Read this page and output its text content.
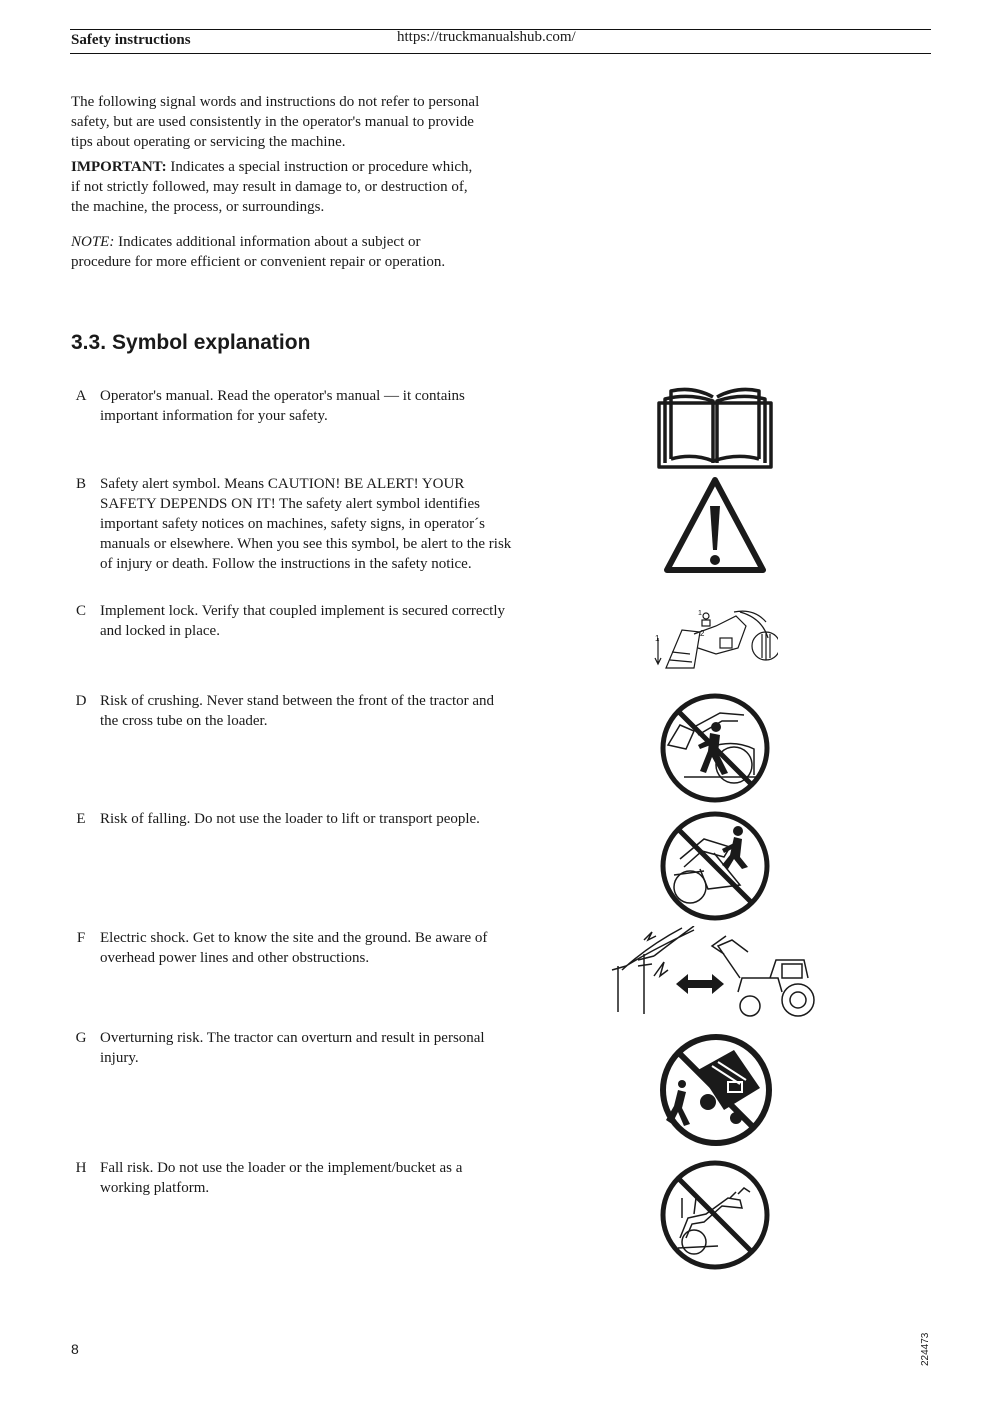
Safety instructions	https://truckmanualshub.com/

The following signal words and instructions do not refer to personal safety, but are used consistently in the operator's manual to provide tips about operating or servicing the machine.

IMPORTANT: Indicates a special instruction or procedure which, if not strictly followed, may result in damage to, or destruction of, the machine, the process, or surroundings.

NOTE: Indicates additional information about a subject or procedure for more efficient or convenient repair or operation.

3.3. Symbol explanation
A Operator's manual. Read the operator's manual — it contains important information for your safety.
B Safety alert symbol. Means CAUTION! BE ALERT! YOUR SAFETY DEPENDS ON IT! The safety alert symbol identifies important safety notices on machines, safety signs, in operator´s manuals or elsewhere. When you see this symbol, be alert to the risk of injury or death. Follow the instructions in the safety notice.
C Implement lock. Verify that coupled implement is secured correctly and locked in place.
D Risk of crushing. Never stand between the front of the tractor and the cross tube on the loader.
E Risk of falling. Do not use the loader to lift or transport people.
F Electric shock. Get to know the site and the ground. Be aware of overhead power lines and other obstructions.
G Overturning risk. The tractor can overturn and result in personal injury.
H Fall risk. Do not use the loader or the implement/bucket as a working platform.
1
2
1
8	224473
